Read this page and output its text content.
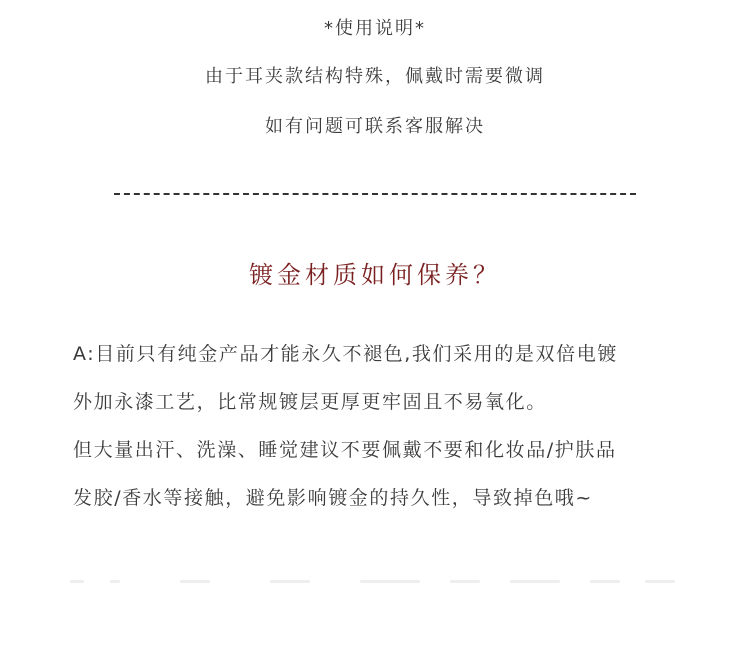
*使用说明*
由于耳夹款结构特殊，佩戴时需要微调
如有问题可联系客服解决
镀金材质如何保养？
A:目前只有纯金产品才能永久不褪色,我们采用的是双倍电镀
外加永漆工艺，比常规镀层更厚更牢固且不易氧化。
但大量出汗、洗澡、睡觉建议不要佩戴不要和化妆品/护肤品
发胶/香水等接触，避免影响镀金的持久性，导致掉色哦~
